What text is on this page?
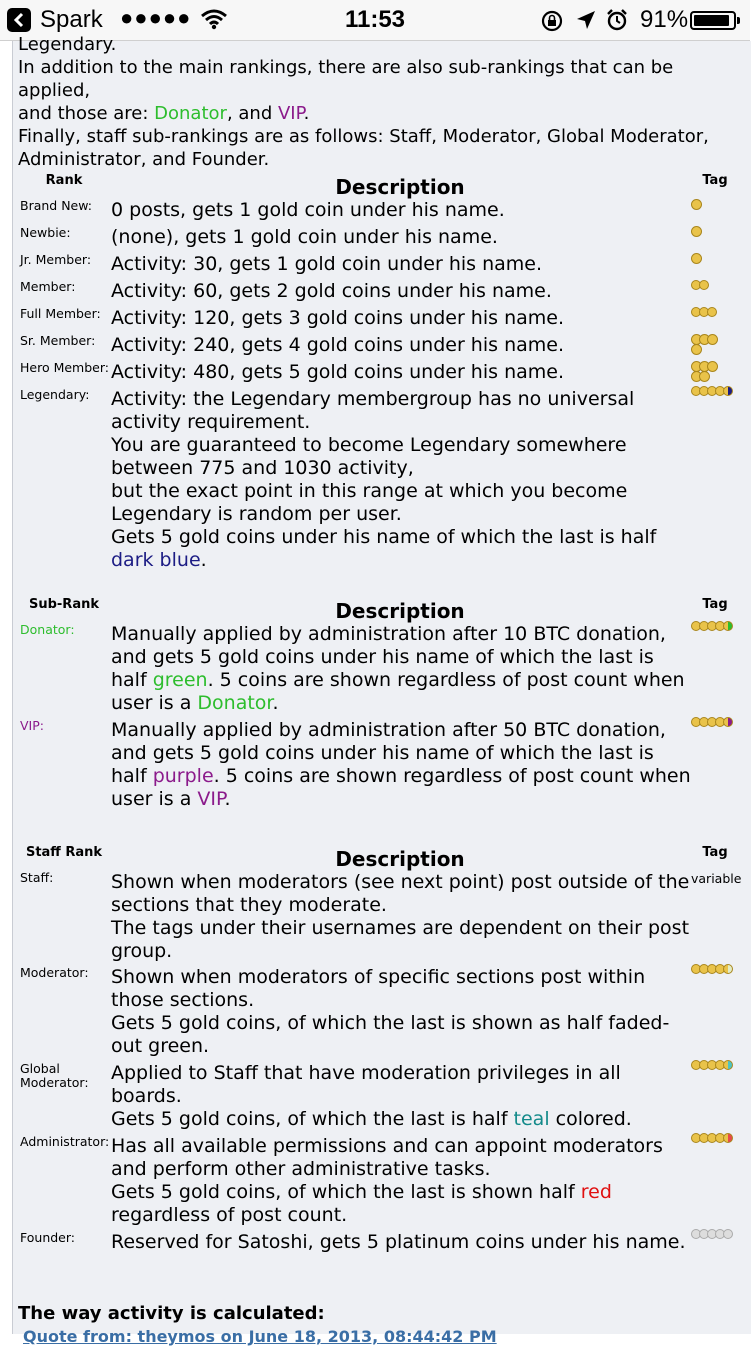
Spark ●●●●●	11:53	91%

Legendary.

In addition to the main rankings, there are also sub-rankings that can be applied,

and those are: Donator, and VIP.

Finally, staff sub-rankings are as follows: Staff, Moderator, Global Moderator,

Administrator, and Founder.

Rank	Description	Tag
Brand New:	0 posts, gets 1 gold coin under his name.
Newbie:	(none), gets 1 gold coin under his name.
Jr. Member:	Activity: 30, gets 1 gold coin under his name.
Member:	Activity: 60, gets 2 gold coins under his name.
Full Member: Activity: 120, gets 3 gold coins under his name.
Sr. Member: Activity: 240, gets 4 gold coins under his name.
Hero Member: Activity: 480, gets 5 gold coins under his name.
Legendary:	Activity: the Legendary membergroup has no universal activity requirement.

You are guaranteed to become Legendary somewhere between 775 and 1030 activity,

but the exact point in this range at which you become Legendary is random per user.

Gets 5 gold coins under his name of which the last is half dark blue.

Sub-Rank	Description	Tag
Donator:	Manually applied by administration after 10 BTC donation, and gets 5 gold coins under his name of which the last is half green. 5 coins are shown regardless of post count when user is a Donator.
VIP:	Manually applied by administration after 50 BTC donation, and gets 5 gold coins under his name of which the last is half purple. 5 coins are shown regardless of post count when user is a VIP.
Staff Rank	Description	Tag
Staff:	Shown when moderators (see next point) post outside of the sections that they moderate.

The tags under their usernames are dependent on their post group.

variable
Moderator:	Shown when moderators of specific sections post within those sections.

Gets 5 gold coins, of which the last is shown as half faded-out green.

Global Moderator:	Applied to Staff that have moderation privileges in all boards.

Gets 5 gold coins, of which the last is half teal colored.

Administrator: Has all available permissions and can appoint moderators and perform other administrative tasks.

Gets 5 gold coins, of which the last is shown half red regardless of post count.

Founder:	Reserved for Satoshi, gets 5 platinum coins under his name.
The way activity is calculated:
Quote from: theymos on June 18, 2013, 08:44:42 PM
